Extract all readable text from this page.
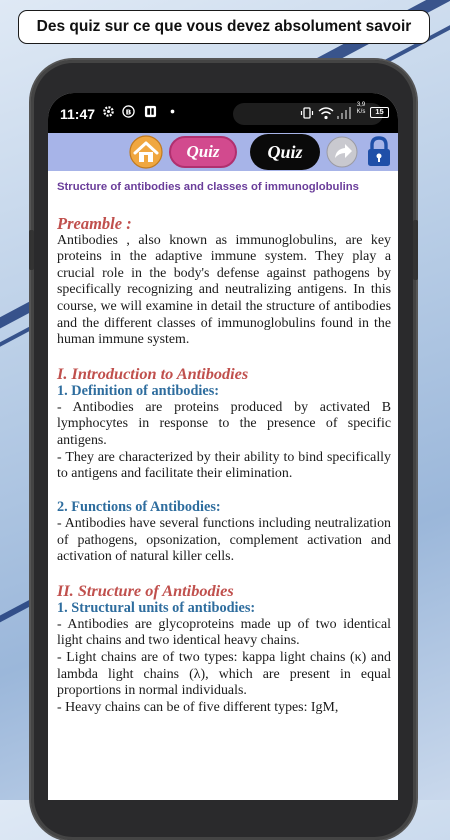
Des quiz sur ce que vous devez absolument savoir
11:47	B
3,9
K/s	15
Quiz	Quiz
Structure of antibodies and classes of immunoglobulins

Preamble :

Antibodies , also known as immunoglobulins, are key proteins in the adaptive immune system. They play a crucial role in the body's defense against pathogens by specifically recognizing and neutralizing antigens. In this course, we will examine in detail the structure of antibodies and the different classes of immunoglobulins found in the human immune system.

I. Introduction to Antibodies

1. Definition of antibodies:

- Antibodies are proteins produced by activated B lymphocytes in response to the presence of specific antigens.

- They are characterized by their ability to bind specifically to antigens and facilitate their elimination.

2. Functions of Antibodies:

- Antibodies have several functions including neutralization of pathogens, opsonization, complement activation and activation of natural killer cells.

II. Structure of Antibodies

1. Structural units of antibodies:

- Antibodies are glycoproteins made up of two identical light chains and two identical heavy chains.

- Light chains are of two types: kappa light chains (κ) and lambda light chains (λ), which are present in equal proportions in normal individuals.

- Heavy chains can be of five different types: IgM,
